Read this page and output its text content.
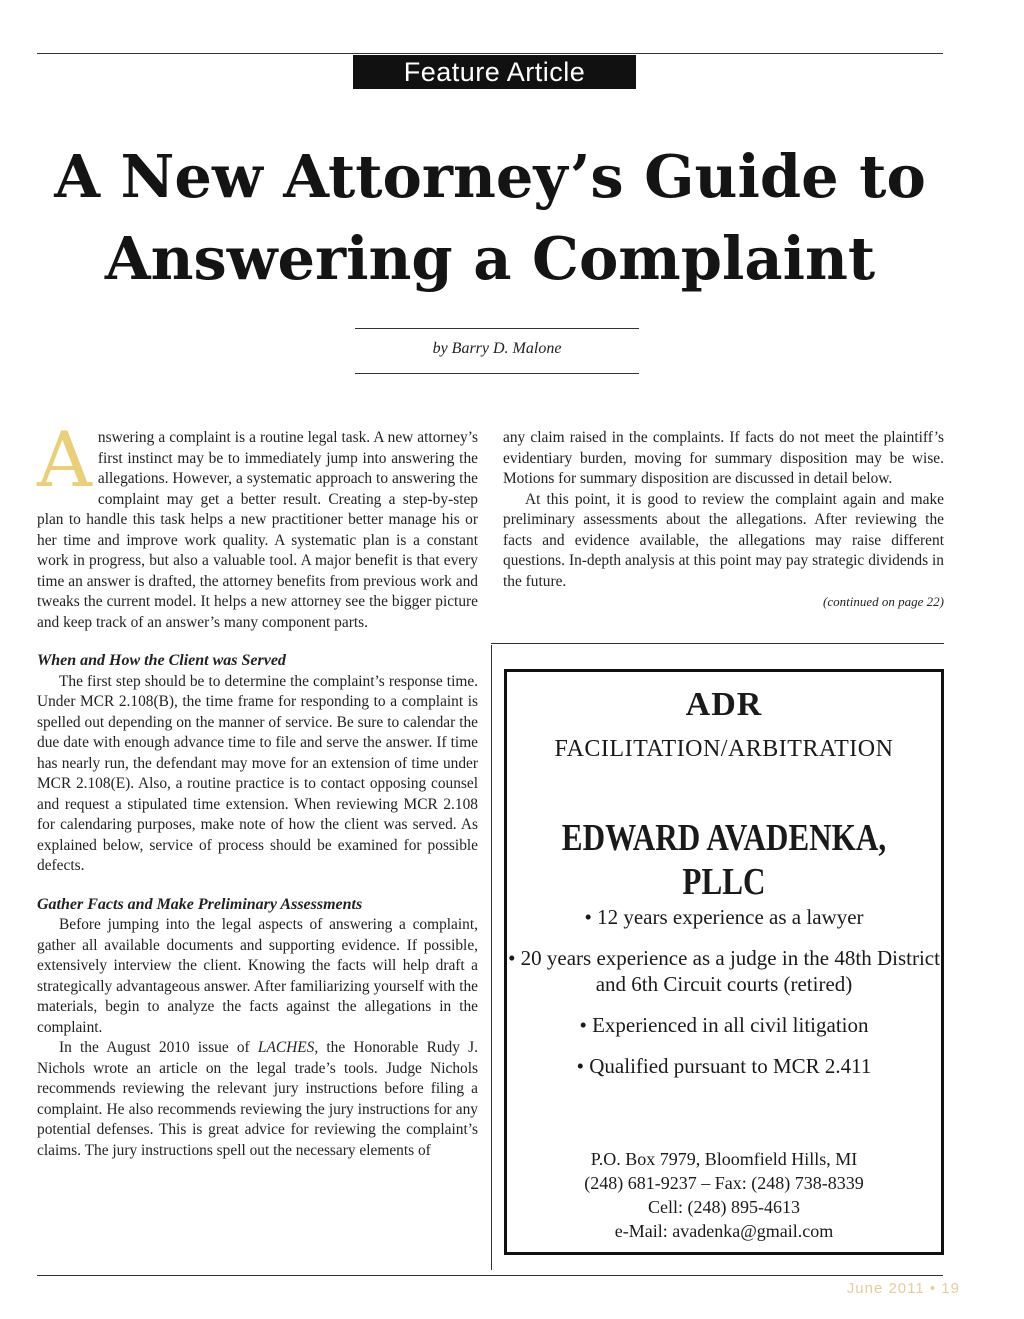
Feature Article
A New Attorney’s Guide to
Answering a Complaint
by Barry D. Malone

Answering a complaint is a routine legal task. A new attorney’s first instinct may be to immediately jump into answering the allegations. However, a systematic approach to answering the complaint may get a better result. Creating a step-by-step plan to handle this task helps a new practitioner better manage his or her time and improve work quality. A systematic plan is a constant work in progress, but also a valuable tool. A major benefit is that every time an answer is drafted, the attorney benefits from previous work and tweaks the current model. It helps a new attorney see the bigger picture and keep track of an answer’s many component parts.

When and How the Client was Served

The first step should be to determine the complaint’s response time. Under MCR 2.108(B), the time frame for responding to a complaint is spelled out depending on the manner of service. Be sure to calendar the due date with enough advance time to file and serve the answer. If time has nearly run, the defendant may move for an extension of time under MCR 2.108(E). Also, a routine practice is to contact opposing counsel and request a stipulated time extension. When reviewing MCR 2.108 for calendaring purposes, make note of how the client was served. As explained below, service of process should be examined for possible defects.

Gather Facts and Make Preliminary Assessments

Before jumping into the legal aspects of answering a complaint, gather all available documents and supporting evidence. If possible, extensively interview the client. Knowing the facts will help draft a strategically advantageous answer. After familiarizing yourself with the materials, begin to analyze the facts against the allegations in the complaint.

In the August 2010 issue of LACHES, the Honorable Rudy J. Nichols wrote an article on the legal trade’s tools. Judge Nichols recommends reviewing the relevant jury instructions before filing a complaint. He also recommends reviewing the jury instructions for any potential defenses. This is great advice for reviewing the complaint’s claims. The jury instructions spell out the necessary elements of

any claim raised in the complaints. If facts do not meet the plaintiff’s evidentiary burden, moving for summary disposition may be wise. Motions for summary disposition are discussed in detail below.

At this point, it is good to review the complaint again and make preliminary assessments about the allegations. After reviewing the facts and evidence available, the allegations may raise different questions. In-depth analysis at this point may pay strategic dividends in the future.

(continued on page 22)

ADR
FACILITATION/ARBITRATION
EDWARD AVADENKA, PLLC
• 12 years experience as a lawyer
• 20 years experience as a judge in the 48th District and 6th Circuit courts (retired)
• Experienced in all civil litigation
• Qualified pursuant to MCR 2.411
P.O. Box 7979, Bloomfield Hills, MI
(248) 681-9237 – Fax: (248) 738-8339
Cell: (248) 895-4613
e-Mail: avadenka@gmail.com
June 2011 • 19
